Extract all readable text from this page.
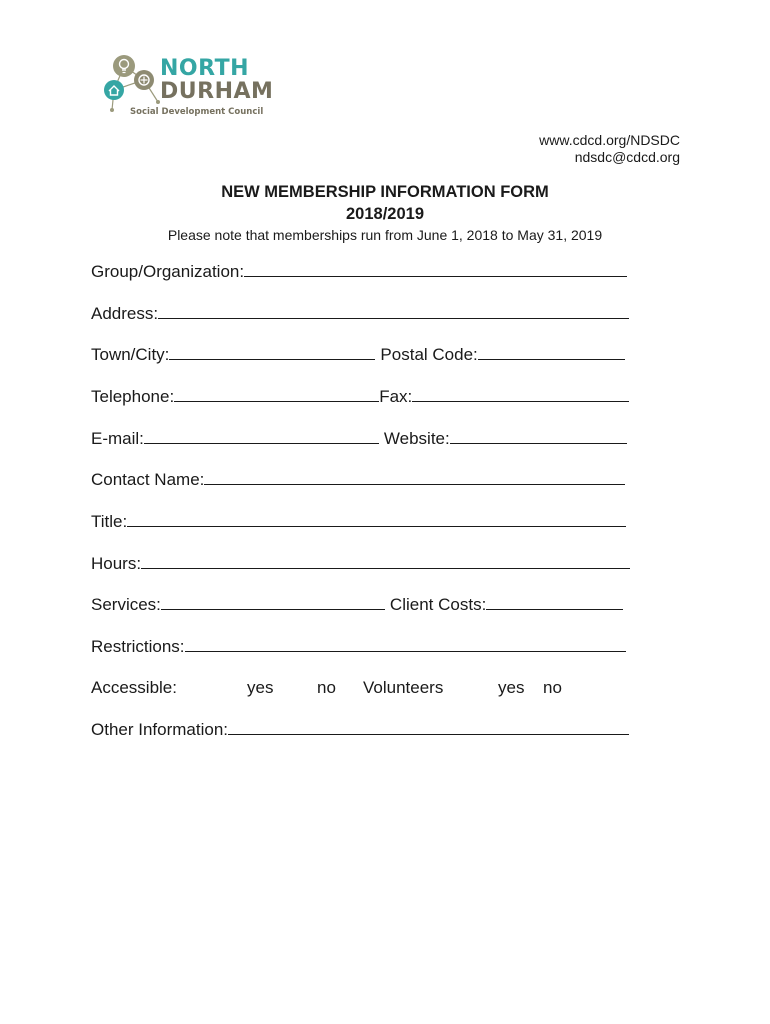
NORTH
DURHAM
Social Development Council
www.cdcd.org/NDSDC
ndsdc@cdcd.org
NEW MEMBERSHIP INFORMATION FORM
2018/2019
Please note that memberships run from June 1, 2018 to May 31, 2019
Group/Organization:
Address:
Town/City:	Postal Code:
Telephone:	Fax:
E-mail:	Website:
Contact Name:
Title:
Hours:
Services:	Client Costs:
Restrictions:
Accessible:	yes	no Volunteers	yes no
Other Information:
